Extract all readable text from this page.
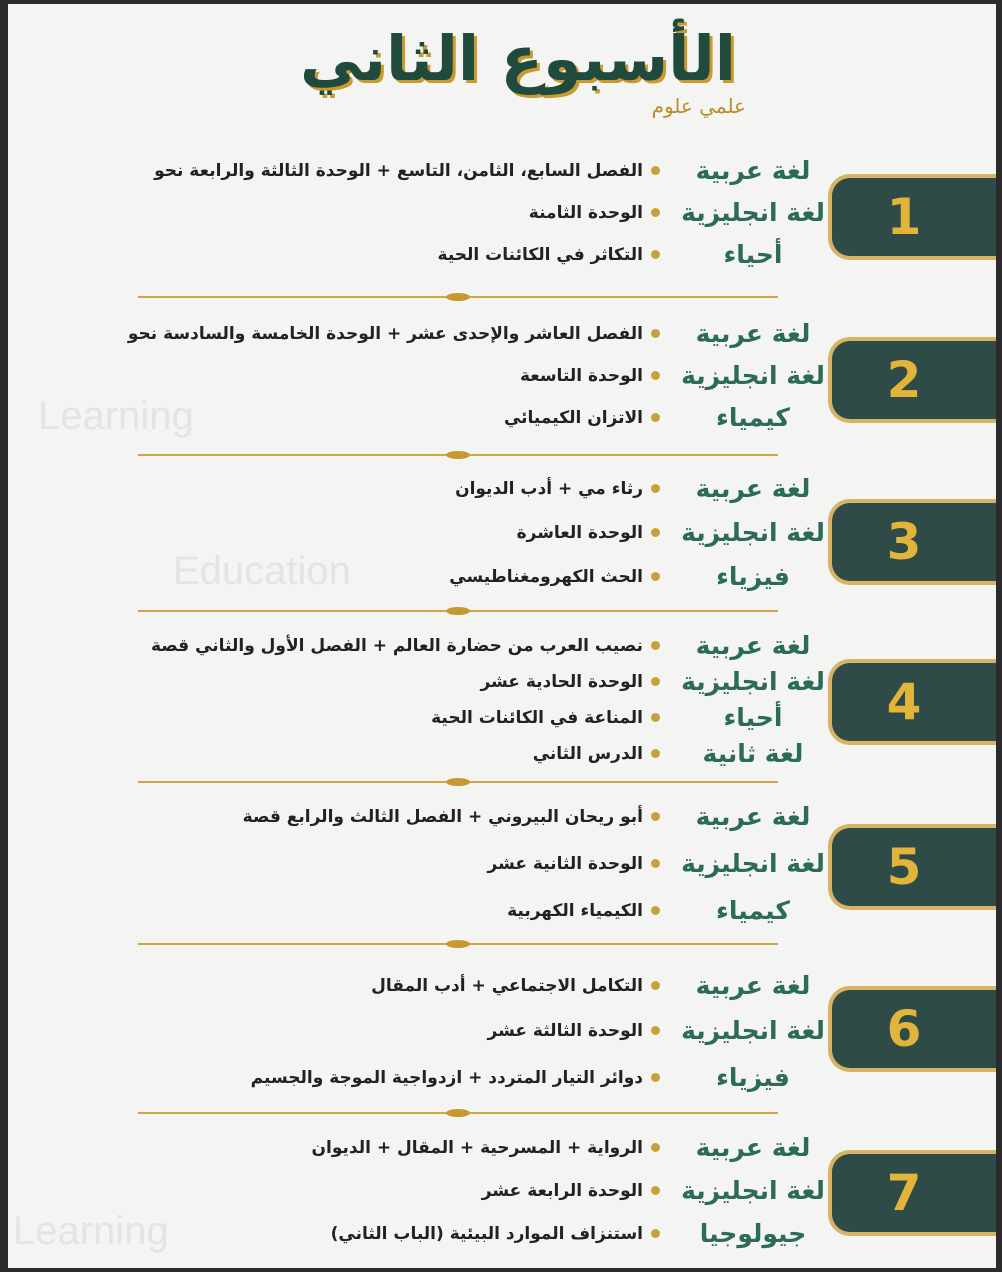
Learning
Education
Learning
الأسبوع الثاني
علمي علوم
1
لغة عربية
الفصل السابع، الثامن، التاسع + الوحدة الثالثة والرابعة نحو
لغة انجليزية
الوحدة الثامنة
أحياء
التكاثر في الكائنات الحية
2
لغة عربية
الفصل العاشر والإحدى عشر + الوحدة الخامسة والسادسة نحو
لغة انجليزية
الوحدة التاسعة
كيمياء
الاتزان الكيميائي
3
لغة عربية
رثاء مي + أدب الديوان
لغة انجليزية
الوحدة العاشرة
فيزياء
الحث الكهرومغناطيسي
4
لغة عربية
نصيب العرب من حضارة العالم + الفصل الأول والثاني قصة
لغة انجليزية
الوحدة الحادية عشر
أحياء
المناعة في الكائنات الحية
لغة ثانية
الدرس الثاني
5
لغة عربية
أبو ريحان البيروني + الفصل الثالث والرابع قصة
لغة انجليزية
الوحدة الثانية عشر
كيمياء
الكيمياء الكهربية
6
لغة عربية
التكامل الاجتماعي + أدب المقال
لغة انجليزية
الوحدة الثالثة عشر
فيزياء
دوائر التيار المتردد + ازدواجية الموجة والجسيم
7
لغة عربية
الرواية + المسرحية + المقال + الديوان
لغة انجليزية
الوحدة الرابعة عشر
جيولوجيا
استنزاف الموارد البيئية (الباب الثاني)
